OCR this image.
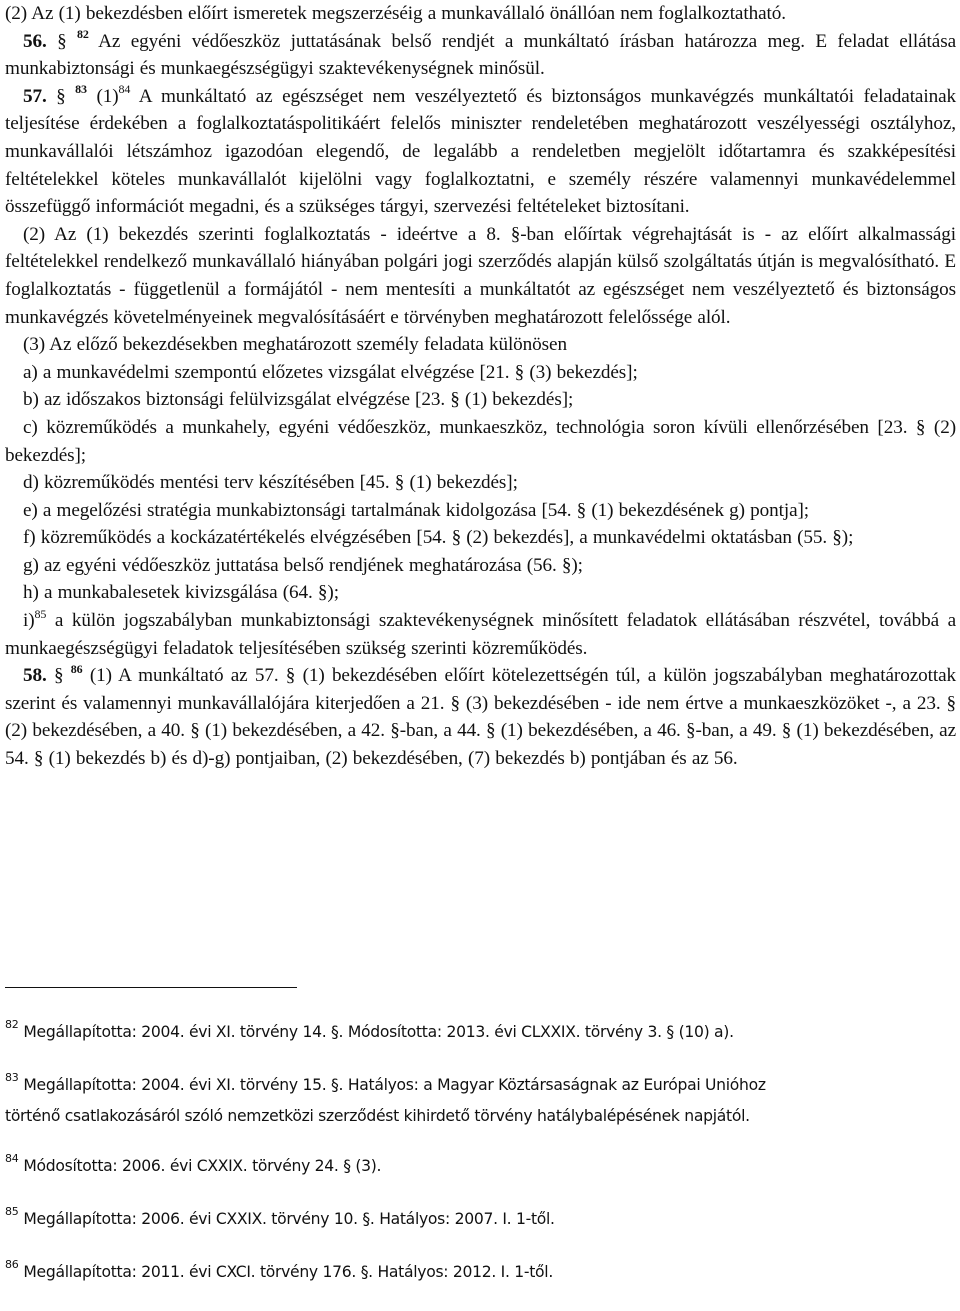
(2) Az (1) bekezdésben előírt ismeretek megszerzéséig a munkavállaló önállóan nem foglalkoztatható.

56. § $^{82}$ Az egyéni védőeszköz juttatásának belső rendjét a munkáltató írásban határozza meg. E feladat ellátása munkabiztonsági és munkaegészségügyi szaktevékenységnek minősül.

57. § $^{83}$ $(1)^{84}$ A munkáltató az egészséget nem veszélyeztető és biztonságos munkavégzés munkáltatói feladatainak teljesítése érdekében a foglalkoztatáspolitikáért felelős miniszter rendeletében meghatározott veszélyességi osztályhoz, munkavállalói létszámhoz igazodóan elegendő, de legalább a rendeletben megjelölt időtartamra és szakképesítési feltételekkel köteles munkavállalót kijelölni vagy foglalkoztatni, e személy részére valamennyi munkavédelemmel összefüggő információt megadni, és a szükséges tárgyi, szervezési feltételeket biztosítani.

(2) Az (1) bekezdés szerinti foglalkoztatás - ideértve a 8. §-ban előírtak végrehajtását is - az előírt alkalmassági feltételekkel rendelkező munkavállaló hiányában polgári jogi szerződés alapján külső szolgáltatás útján is megvalósítható. E foglalkoztatás - függetlenül a formájától - nem mentesíti a munkáltatót az egészséget nem veszélyeztető és biztonságos munkavégzés követelményeinek megvalósításáért e törvényben meghatározott felelőssége alól.

(3) Az előző bekezdésekben meghatározott személy feladata különösen

a) a munkavédelmi szempontú előzetes vizsgálat elvégzése [21. § (3) bekezdés];

b) az időszakos biztonsági felülvizsgálat elvégzése [23. § (1) bekezdés];

c) közreműködés a munkahely, egyéni védőeszköz, munkaeszköz, technológia soron kívüli ellenőrzésében [23. § (2) bekezdés];

d) közreműködés mentési terv készítésében [45. § (1) bekezdés];

e) a megelőzési stratégia munkabiztonsági tartalmának kidolgozása [54. § (1) bekezdésének g) pontja];

f) közreműködés a kockázatértékelés elvégzésében [54. § (2) bekezdés], a munkavédelmi oktatásban (55. §);

g) az egyéni védőeszköz juttatása belső rendjének meghatározása (56. §);

h) a munkabalesetek kivizsgálása (64. §);

i)$^{85}$ a külön jogszabályban munkabiztonsági szaktevékenységnek minősített feladatok ellátásában részvétel, továbbá a munkaegészségügyi feladatok teljesítésében szükség szerinti közreműködés.

58. § $^{86}$ (1) A munkáltató az 57. § (1) bekezdésében előírt kötelezettségén túl, a külön jogszabályban meghatározottak szerint és valamennyi munkavállalójára kiterjedően a 21. § (3) bekezdésében - ide nem értve a munkaeszközöket -, a 23. § (2) bekezdésében, a 40. § (1) bekezdésében, a 42. §-ban, a 44. § (1) bekezdésében, a 46. §-ban, a 49. § (1) bekezdésében, az 54. § (1) bekezdés b) és d)-g) pontjaiban, (2) bekezdésében, (7) bekezdés b) pontjában és az 56.

$^{82}$ Megállapította: 2004. évi XI. törvény 14. §. Módosította: 2013. évi CLXXIX. törvény 3. § (10) a).
$^{83}$ Megállapította: 2004. évi XI. törvény 15. §. Hatályos: a Magyar Köztársaságnak az Európai Unióhoz
történő csatlakozásáról szóló nemzetközi szerződést kihirdető törvény hatálybalépésének napjától.
$^{84}$ Módosította: 2006. évi CXXIX. törvény 24. § (3).
$^{85}$ Megállapította: 2006. évi CXXIX. törvény 10. §. Hatályos: 2007. I. 1-től.
$^{86}$ Megállapította: 2011. évi CXCI. törvény 176. §. Hatályos: 2012. I. 1-től.
